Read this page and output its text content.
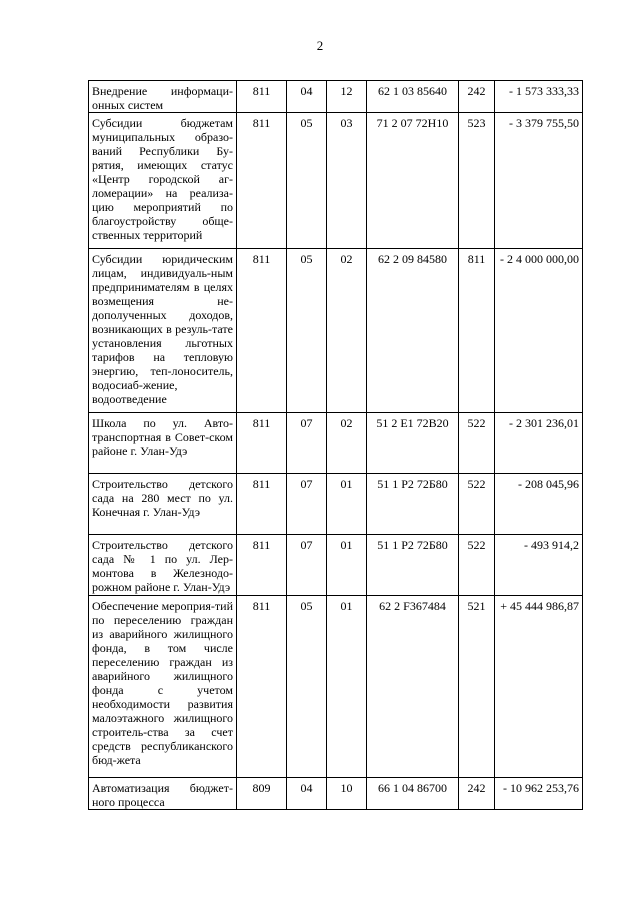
2
Внедрение информаци-онных систем	811	04	12	62 1 03 85640	242	- 1 573 333,33
Субсидии бюджетам муниципальных образо-ваний Республики Бу-рятия, имеющих статус «Центр городской аг-ломерации» на реализа-цию мероприятий по благоустройству обще-ственных территорий	811	05	03	71 2 07 72Н10	523	- 3 379 755,50
Субсидии юридическим лицам, индивидуаль-ным предпринимателям в целях возмещения не-дополученных доходов, возникающих в резуль-тате установления льготных тарифов на тепловую энергию, теп-лоноситель, водосиаб-жение, водоотведение	811	05	02	62 2 09 84580	811	- 2 4 000 000,00
Школа по ул. Авто-транспортная в Совет-ском районе г. Улан-Удэ	811	07	02	51 2 Е1 72В20	522	- 2 301 236,01
Строительство детского сада на 280 мест по ул. Конечная г. Улан-Удэ	811	07	01	51 1 Р2 72Б80	522	- 208 045,96
Строительство детского сада № 1 по ул. Лер-монтова в Железнодо-рожном районе г. Улан-Удэ	811	07	01	51 1 Р2 72Б80	522	- 493 914,2
Обеспечение мероприя-тий по переселению граждан из аварийного жилищного фонда, в том числе переселению граждан из аварийного жилищного фонда с учетом необходимости развития малоэтажного жилищного строитель-ства за счет средств республиканского бюд-жета	811	05	01	62 2 F367484	521	+ 45 444 986,87
Автоматизация бюджет-ного процесса	809	04	10	66 1 04 86700	242	- 10 962 253,76
